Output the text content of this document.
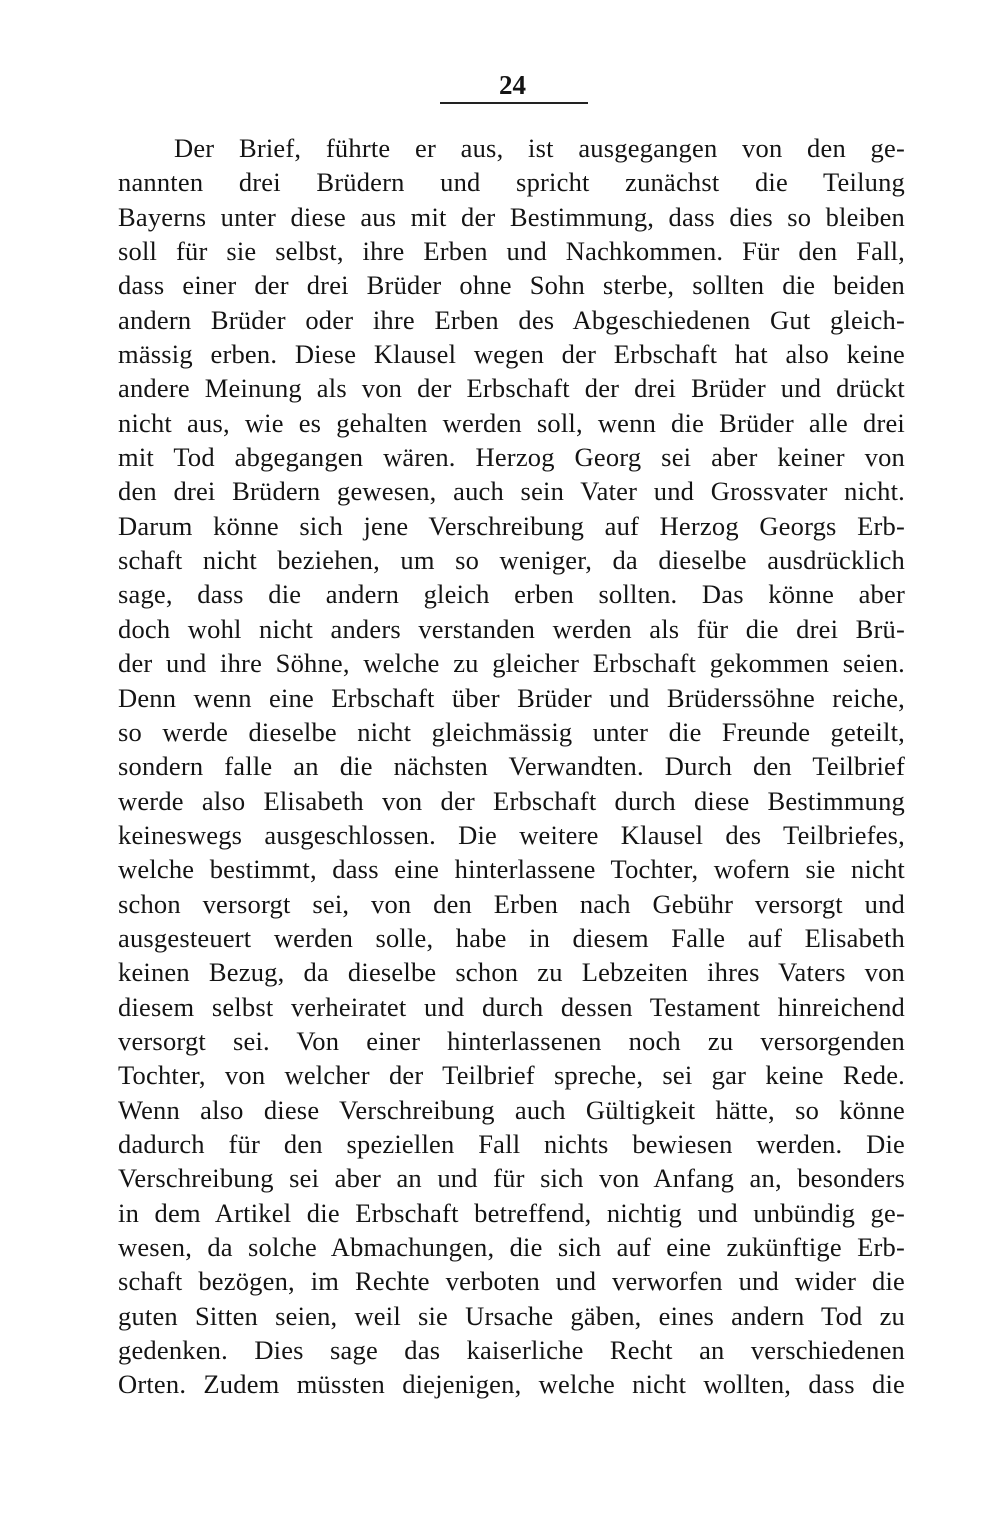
24
Der Brief, führte er aus, ist ausgegangen von den ge-
nannten drei Brüdern und spricht zunächst die Teilung
Bayerns unter diese aus mit der Bestimmung, dass dies so bleiben
soll für sie selbst, ihre Erben und Nachkommen. Für den Fall,
dass einer der drei Brüder ohne Sohn sterbe, sollten die beiden
andern Brüder oder ihre Erben des Abgeschiedenen Gut gleich-
mässig erben. Diese Klausel wegen der Erbschaft hat also keine
andere Meinung als von der Erbschaft der drei Brüder und drückt
nicht aus, wie es gehalten werden soll, wenn die Brüder alle drei
mit Tod abgegangen wären. Herzog Georg sei aber keiner von
den drei Brüdern gewesen, auch sein Vater und Grossvater nicht.
Darum könne sich jene Verschreibung auf Herzog Georgs Erb-
schaft nicht beziehen, um so weniger, da dieselbe ausdrücklich
sage, dass die andern gleich erben sollten. Das könne aber
doch wohl nicht anders verstanden werden als für die drei Brü-
der und ihre Söhne, welche zu gleicher Erbschaft gekommen seien.
Denn wenn eine Erbschaft über Brüder und Brüderssöhne reiche,
so werde dieselbe nicht gleichmässig unter die Freunde geteilt,
sondern falle an die nächsten Verwandten. Durch den Teilbrief
werde also Elisabeth von der Erbschaft durch diese Bestimmung
keineswegs ausgeschlossen. Die weitere Klausel des Teilbriefes,
welche bestimmt, dass eine hinterlassene Tochter, wofern sie nicht
schon versorgt sei, von den Erben nach Gebühr versorgt und
ausgesteuert werden solle, habe in diesem Falle auf Elisabeth
keinen Bezug, da dieselbe schon zu Lebzeiten ihres Vaters von
diesem selbst verheiratet und durch dessen Testament hinreichend
versorgt sei. Von einer hinterlassenen noch zu versorgenden
Tochter, von welcher der Teilbrief spreche, sei gar keine Rede.
Wenn also diese Verschreibung auch Gültigkeit hätte, so könne
dadurch für den speziellen Fall nichts bewiesen werden. Die
Verschreibung sei aber an und für sich von Anfang an, besonders
in dem Artikel die Erbschaft betreffend, nichtig und unbündig ge-
wesen, da solche Abmachungen, die sich auf eine zukünftige Erb-
schaft bezögen, im Rechte verboten und verworfen und wider die
guten Sitten seien, weil sie Ursache gäben, eines andern Tod zu
gedenken. Dies sage das kaiserliche Recht an verschiedenen
Orten. Zudem müssten diejenigen, welche nicht wollten, dass die
